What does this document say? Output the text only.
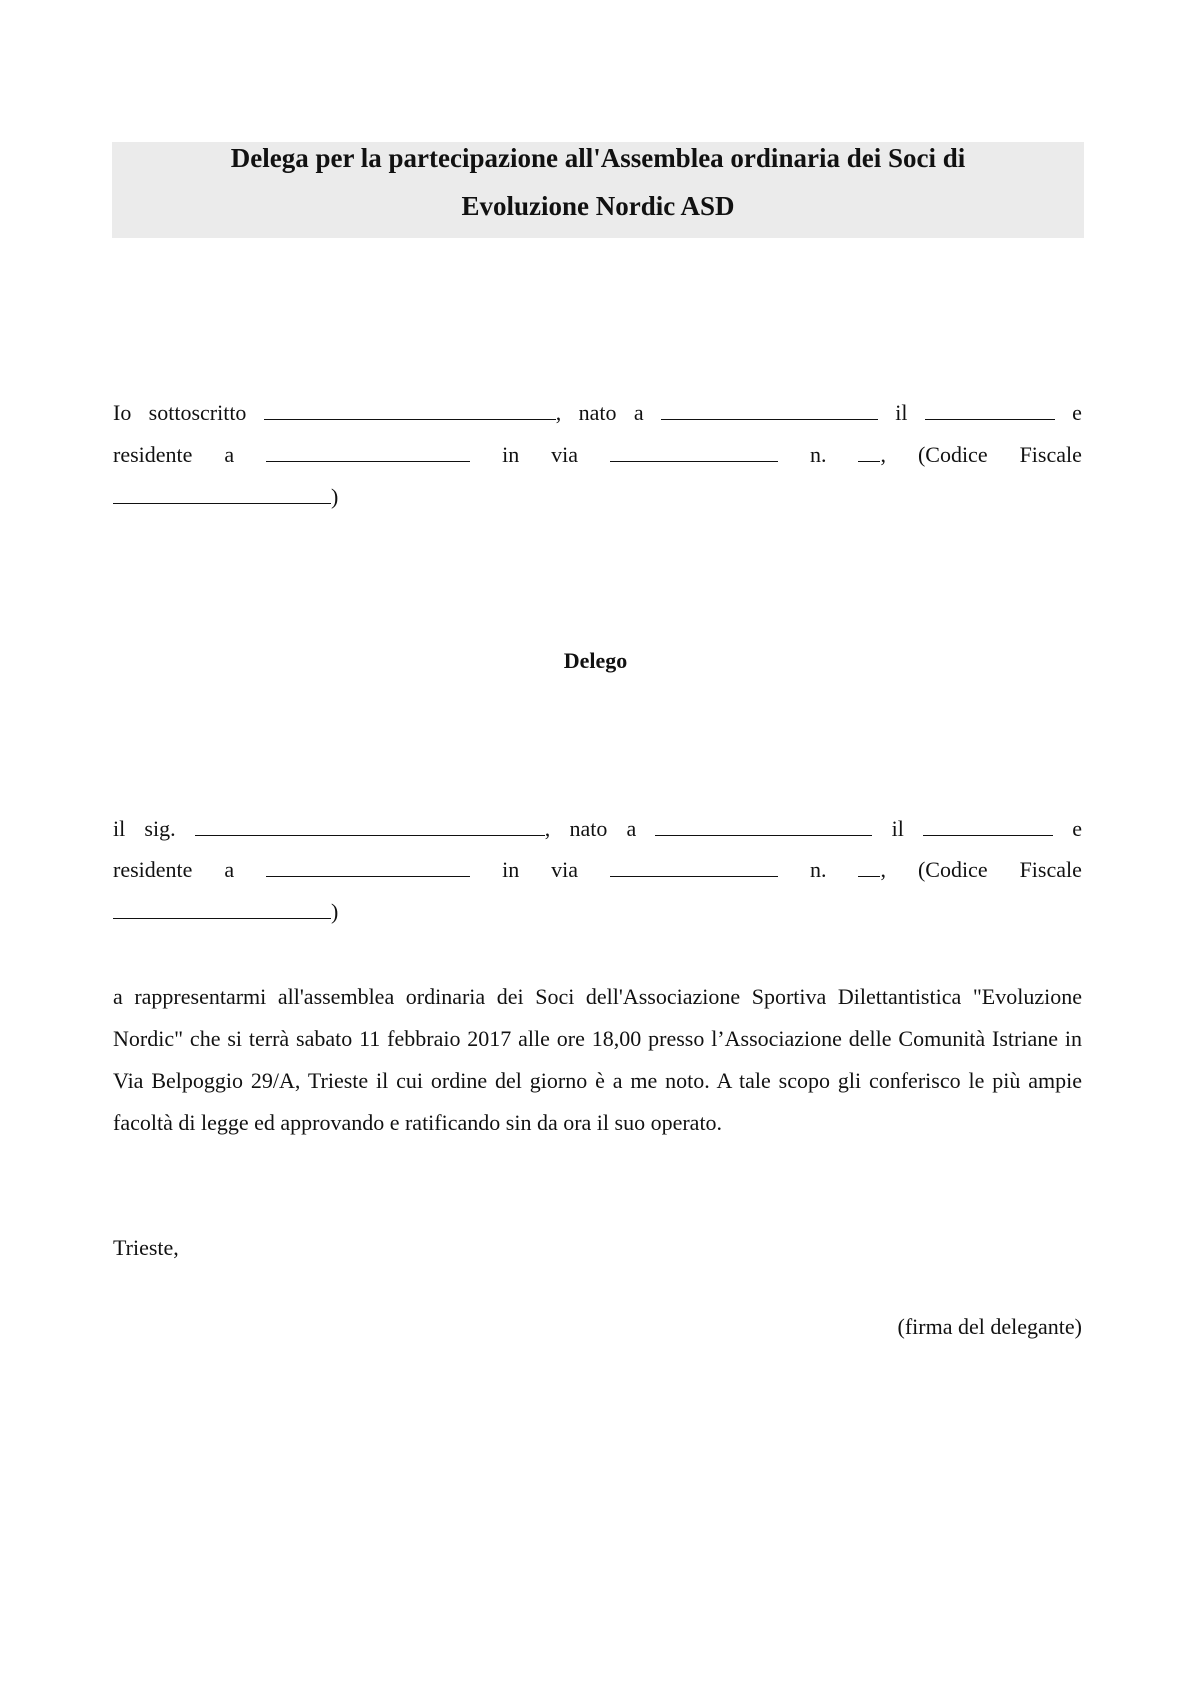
Delega per la partecipazione all'Assemblea ordinaria dei Soci di
Evoluzione Nordic ASD
Io sottoscritto	, nato a	il	e
residente a	in via	n.	, (Codice Fiscale
)
Delego
il sig.	, nato a	il	e
residente a	in via	n.	, (Codice Fiscale
)
a rappresentarmi all'assemblea ordinaria dei Soci dell'Associazione Sportiva Dilettantistica "Evoluzione Nordic" che si terrà sabato 11 febbraio 2017 alle ore 18,00 presso l’Associazione delle Comunità Istriane in Via Belpoggio 29/A, Trieste il cui ordine del giorno è a me noto. A tale scopo gli conferisco le più ampie facoltà di legge ed approvando e ratificando sin da ora il suo operato.
Trieste,
(firma del delegante)
